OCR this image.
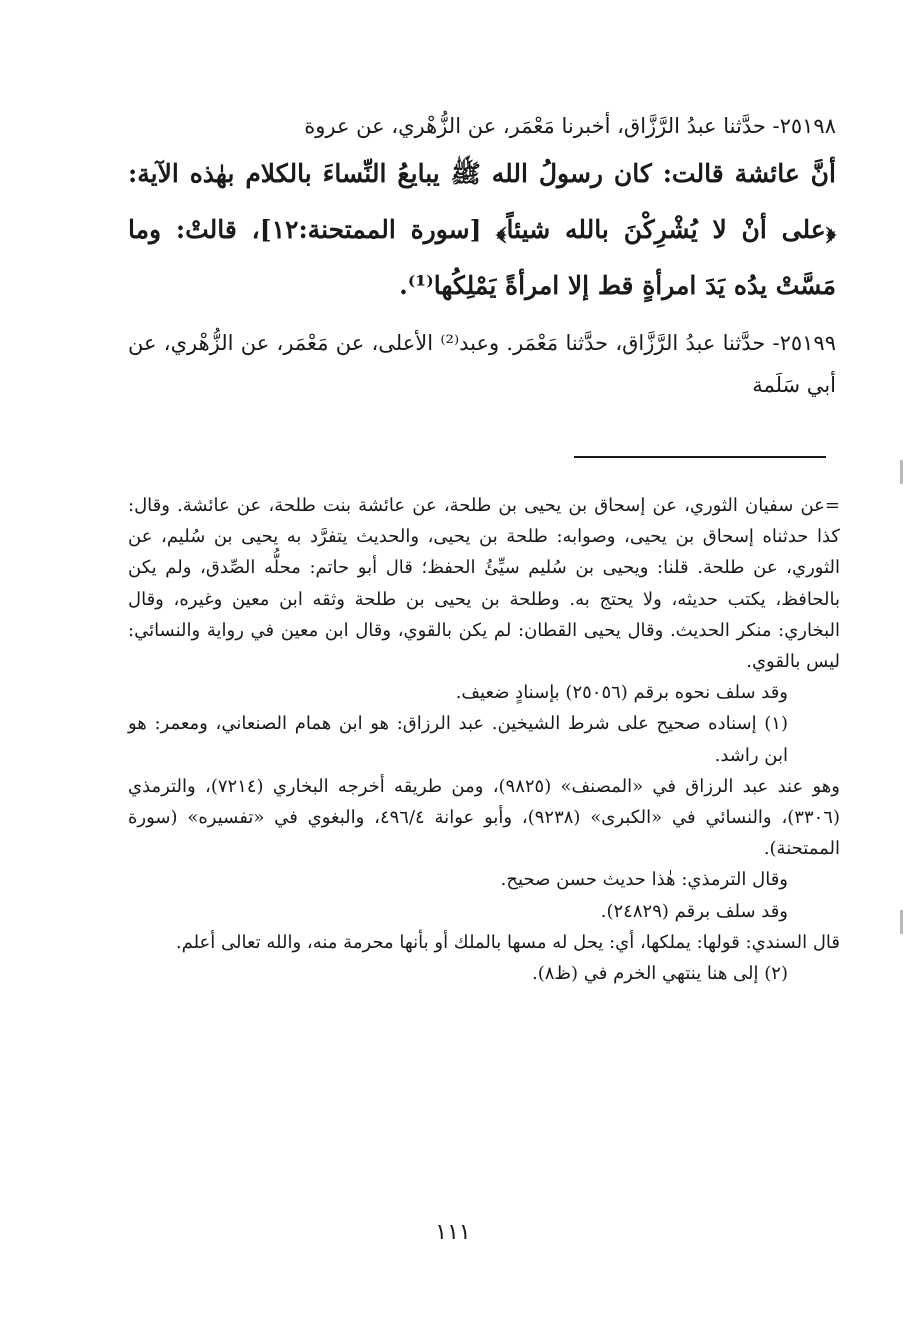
٢٥١٩٨- حدَّثنا عبدُ الرَّزَّاق، أخبرنا مَعْمَر، عن الزُّهْري، عن عروة

أنَّ عائشة قالت: كان رسولُ الله ﷺ يبايعُ النِّساءَ بالكلام بهٰذه الآية: ﴿على أنْ لا يُشْرِكْنَ بالله شيئاً﴾ [سورة الممتحنة:١٢]، قالتْ: وما مَسَّتْ يدُه يَدَ امرأةٍ قط إلا امرأةً يَمْلِكُها⁽¹⁾.

٢٥١٩٩- حدَّثنا عبدُ الرَّزَّاق، حدَّثنا مَعْمَر. وعبد⁽²⁾ الأعلى، عن مَعْمَر، عن الزُّهْري، عن أبي سَلَمة

=عن سفيان الثوري، عن إسحاق بن يحيى بن طلحة، عن عائشة بنت طلحة، عن عائشة. وقال: كذا حدثناه إسحاق بن يحيى، وصوابه: طلحة بن يحيى، والحديث يتفرَّد به يحيى بن سُليم، عن الثوري، عن طلحة. قلنا: ويحيى بن سُليم سيِّئُ الحفظ؛ قال أبو حاتم: محلُّه الصِّدق، ولم يكن بالحافظ، يكتب حديثه، ولا يحتج به. وطلحة بن يحيى بن طلحة وثقه ابن معين وغيره، وقال البخاري: منكر الحديث. وقال يحيى القطان: لم يكن بالقوي، وقال ابن معين في رواية والنسائي: ليس بالقوي.

وقد سلف نحوه برقم (٢٥٠٥٦) بإسنادٍ ضعيف.

(١) إسناده صحيح على شرط الشيخين. عبد الرزاق: هو ابن همام الصنعاني، ومعمر: هو ابن راشد.

وهو عند عبد الرزاق في «المصنف» (٩٨٢٥)، ومن طريقه أخرجه البخاري (٧٢١٤)، والترمذي (٣٣٠٦)، والنسائي في «الكبرى» (٩٢٣٨)، وأبو عوانة ٤٩٦/٤، والبغوي في «تفسيره» (سورة الممتحنة).

وقال الترمذي: هٰذا حديث حسن صحيح.

وقد سلف برقم (٢٤٨٢٩).

قال السندي: قولها: يملكها، أي: يحل له مسها بالملك أو بأنها محرمة منه، والله تعالى أعلم.

(٢) إلى هنا ينتهي الخرم في (ظ٨).

١١١
